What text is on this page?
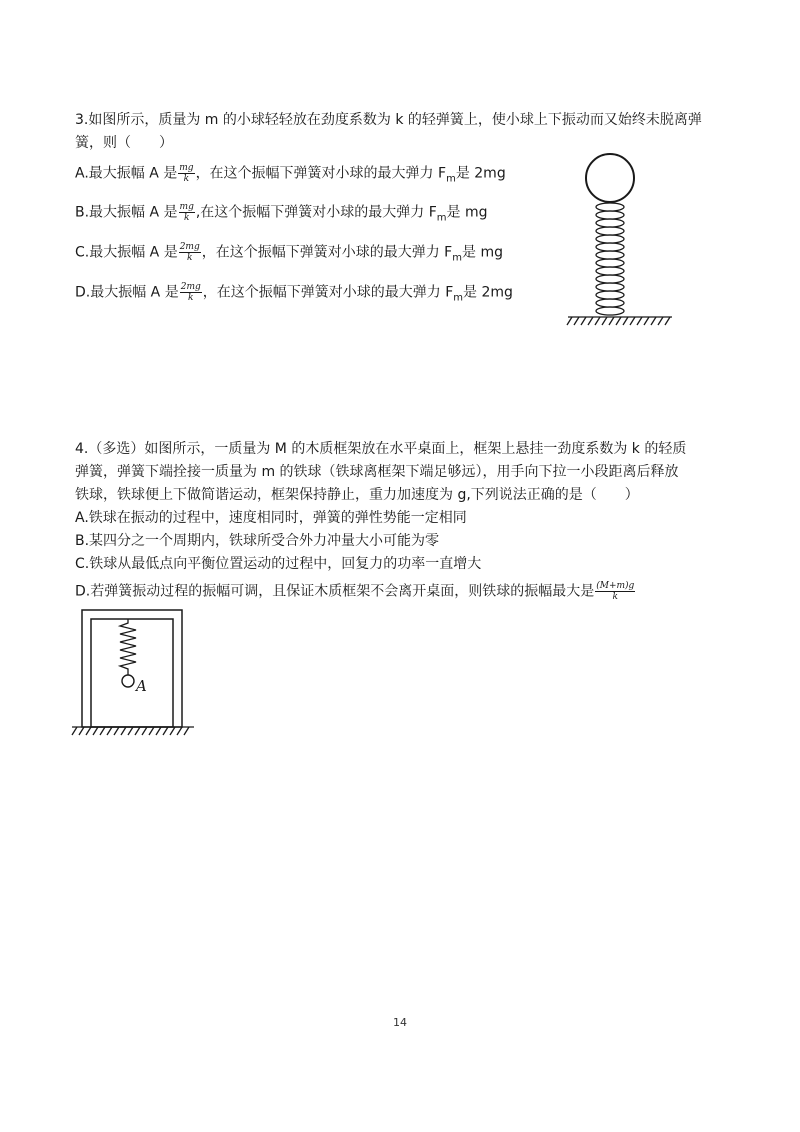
3.如图所示，质量为 m 的小球轻轻放在劲度系数为 k 的轻弹簧上，使小球上下振动而又始终未脱离弹
簧，则（　　）
A.最大振幅 A 是 $\frac{mg}{k}$ ，在这个振幅下弹簧对小球的最大弹力 $F_m$是 2mg
B.最大振幅 A 是 $\frac{mg}{k}$ ,在这个振幅下弹簧对小球的最大弹力 $F_m$是 mg
C.最大振幅 A 是 $\frac{2mg}{k}$ ，在这个振幅下弹簧对小球的最大弹力 $F_m$是 mg
D.最大振幅 A 是 $\frac{2mg}{k}$ ，在这个振幅下弹簧对小球的最大弹力 $F_m$是 2mg
4.（多选）如图所示，一质量为 M 的木质框架放在水平桌面上，框架上悬挂一劲度系数为 k 的轻质
弹簧，弹簧下端拴接一质量为 m 的铁球（铁球离框架下端足够远），用手向下拉一小段距离后释放
铁球，铁球便上下做简谐运动，框架保持静止，重力加速度为 g,下列说法正确的是（　　）
A.铁球在振动的过程中，速度相同时，弹簧的弹性势能一定相同
B.某四分之一个周期内，铁球所受合外力冲量大小可能为零
C.铁球从最低点向平衡位置运动的过程中，回复力的功率一直增大
D.若弹簧振动过程的振幅可调，且保证木质框架不会离开桌面，则铁球的振幅最大是 $\frac{(M+m)g}{k}$
A
14
